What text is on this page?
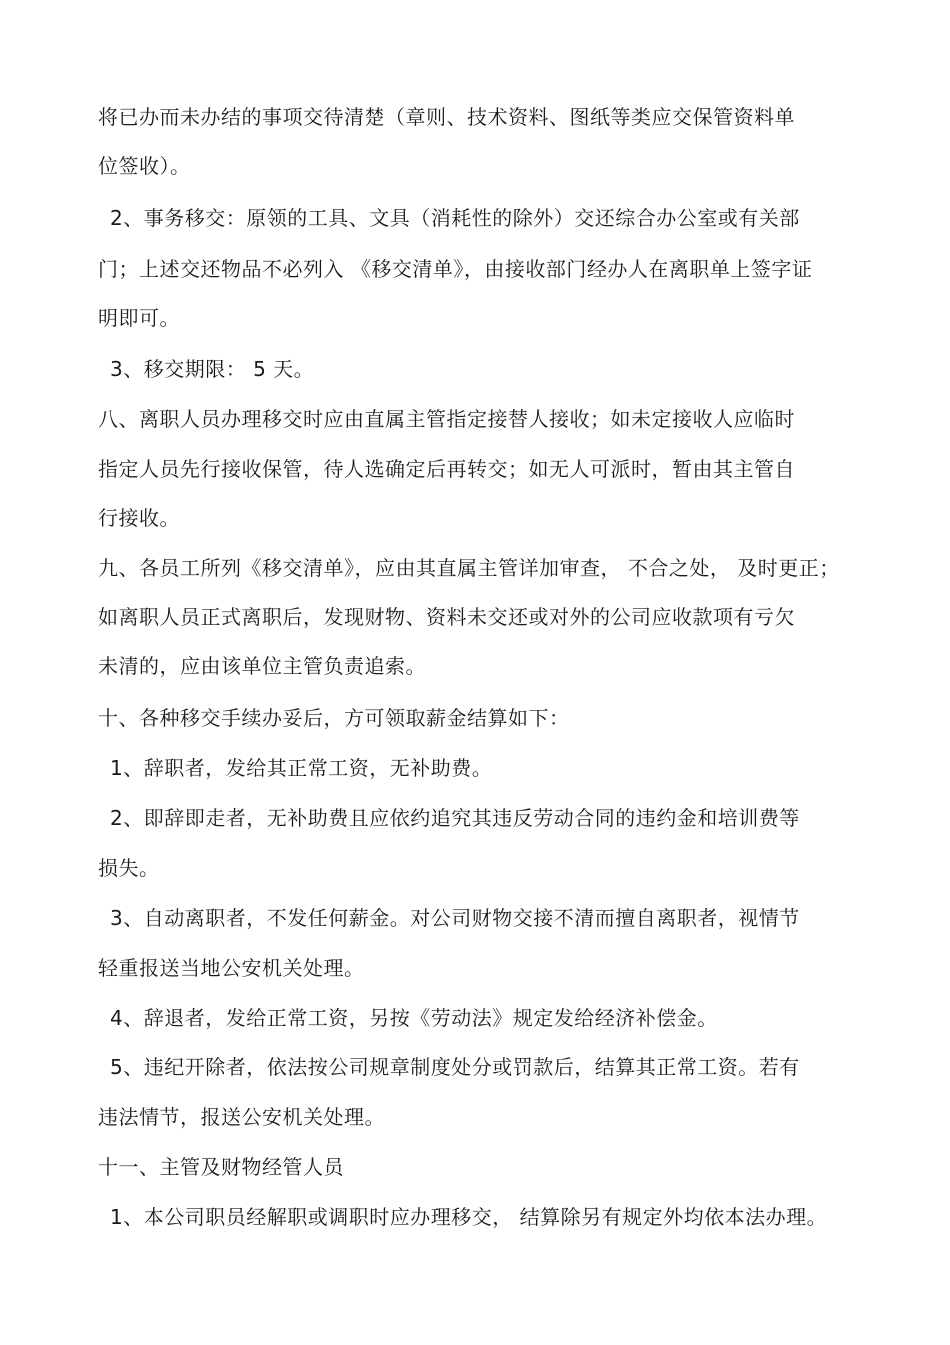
将已办而未办结的事项交待清楚（章则、技术资料、图纸等类应交保管资料单
位签收）。
2、事务移交：原领的工具、文具（消耗性的除外）交还综合办公室或有关部
门；上述交还物品不必列入 《移交清单》，由接收部门经办人在离职单上签字证
明即可。
3、移交期限： 5 天。
八、离职人员办理移交时应由直属主管指定接替人接收；如未定接收人应临时
指定人员先行接收保管，待人选确定后再转交；如无人可派时，暂由其主管自
行接收。
九、各员工所列《移交清单》，应由其直属主管详加审查， 不合之处， 及时更正；
如离职人员正式离职后，发现财物、资料未交还或对外的公司应收款项有亏欠
未清的，应由该单位主管负责追索。
十、各种移交手续办妥后，方可领取薪金结算如下：
1、辞职者，发给其正常工资，无补助费。
2、即辞即走者，无补助费且应依约追究其违反劳动合同的违约金和培训费等
损失。
3、自动离职者，不发任何薪金。对公司财物交接不清而擅自离职者，视情节
轻重报送当地公安机关处理。
4、辞退者，发给正常工资，另按《劳动法》规定发给经济补偿金。
5、违纪开除者，依法按公司规章制度处分或罚款后，结算其正常工资。若有
违法情节，报送公安机关处理。
十一、主管及财物经管人员
1、本公司职员经解职或调职时应办理移交， 结算除另有规定外均依本法办理。
